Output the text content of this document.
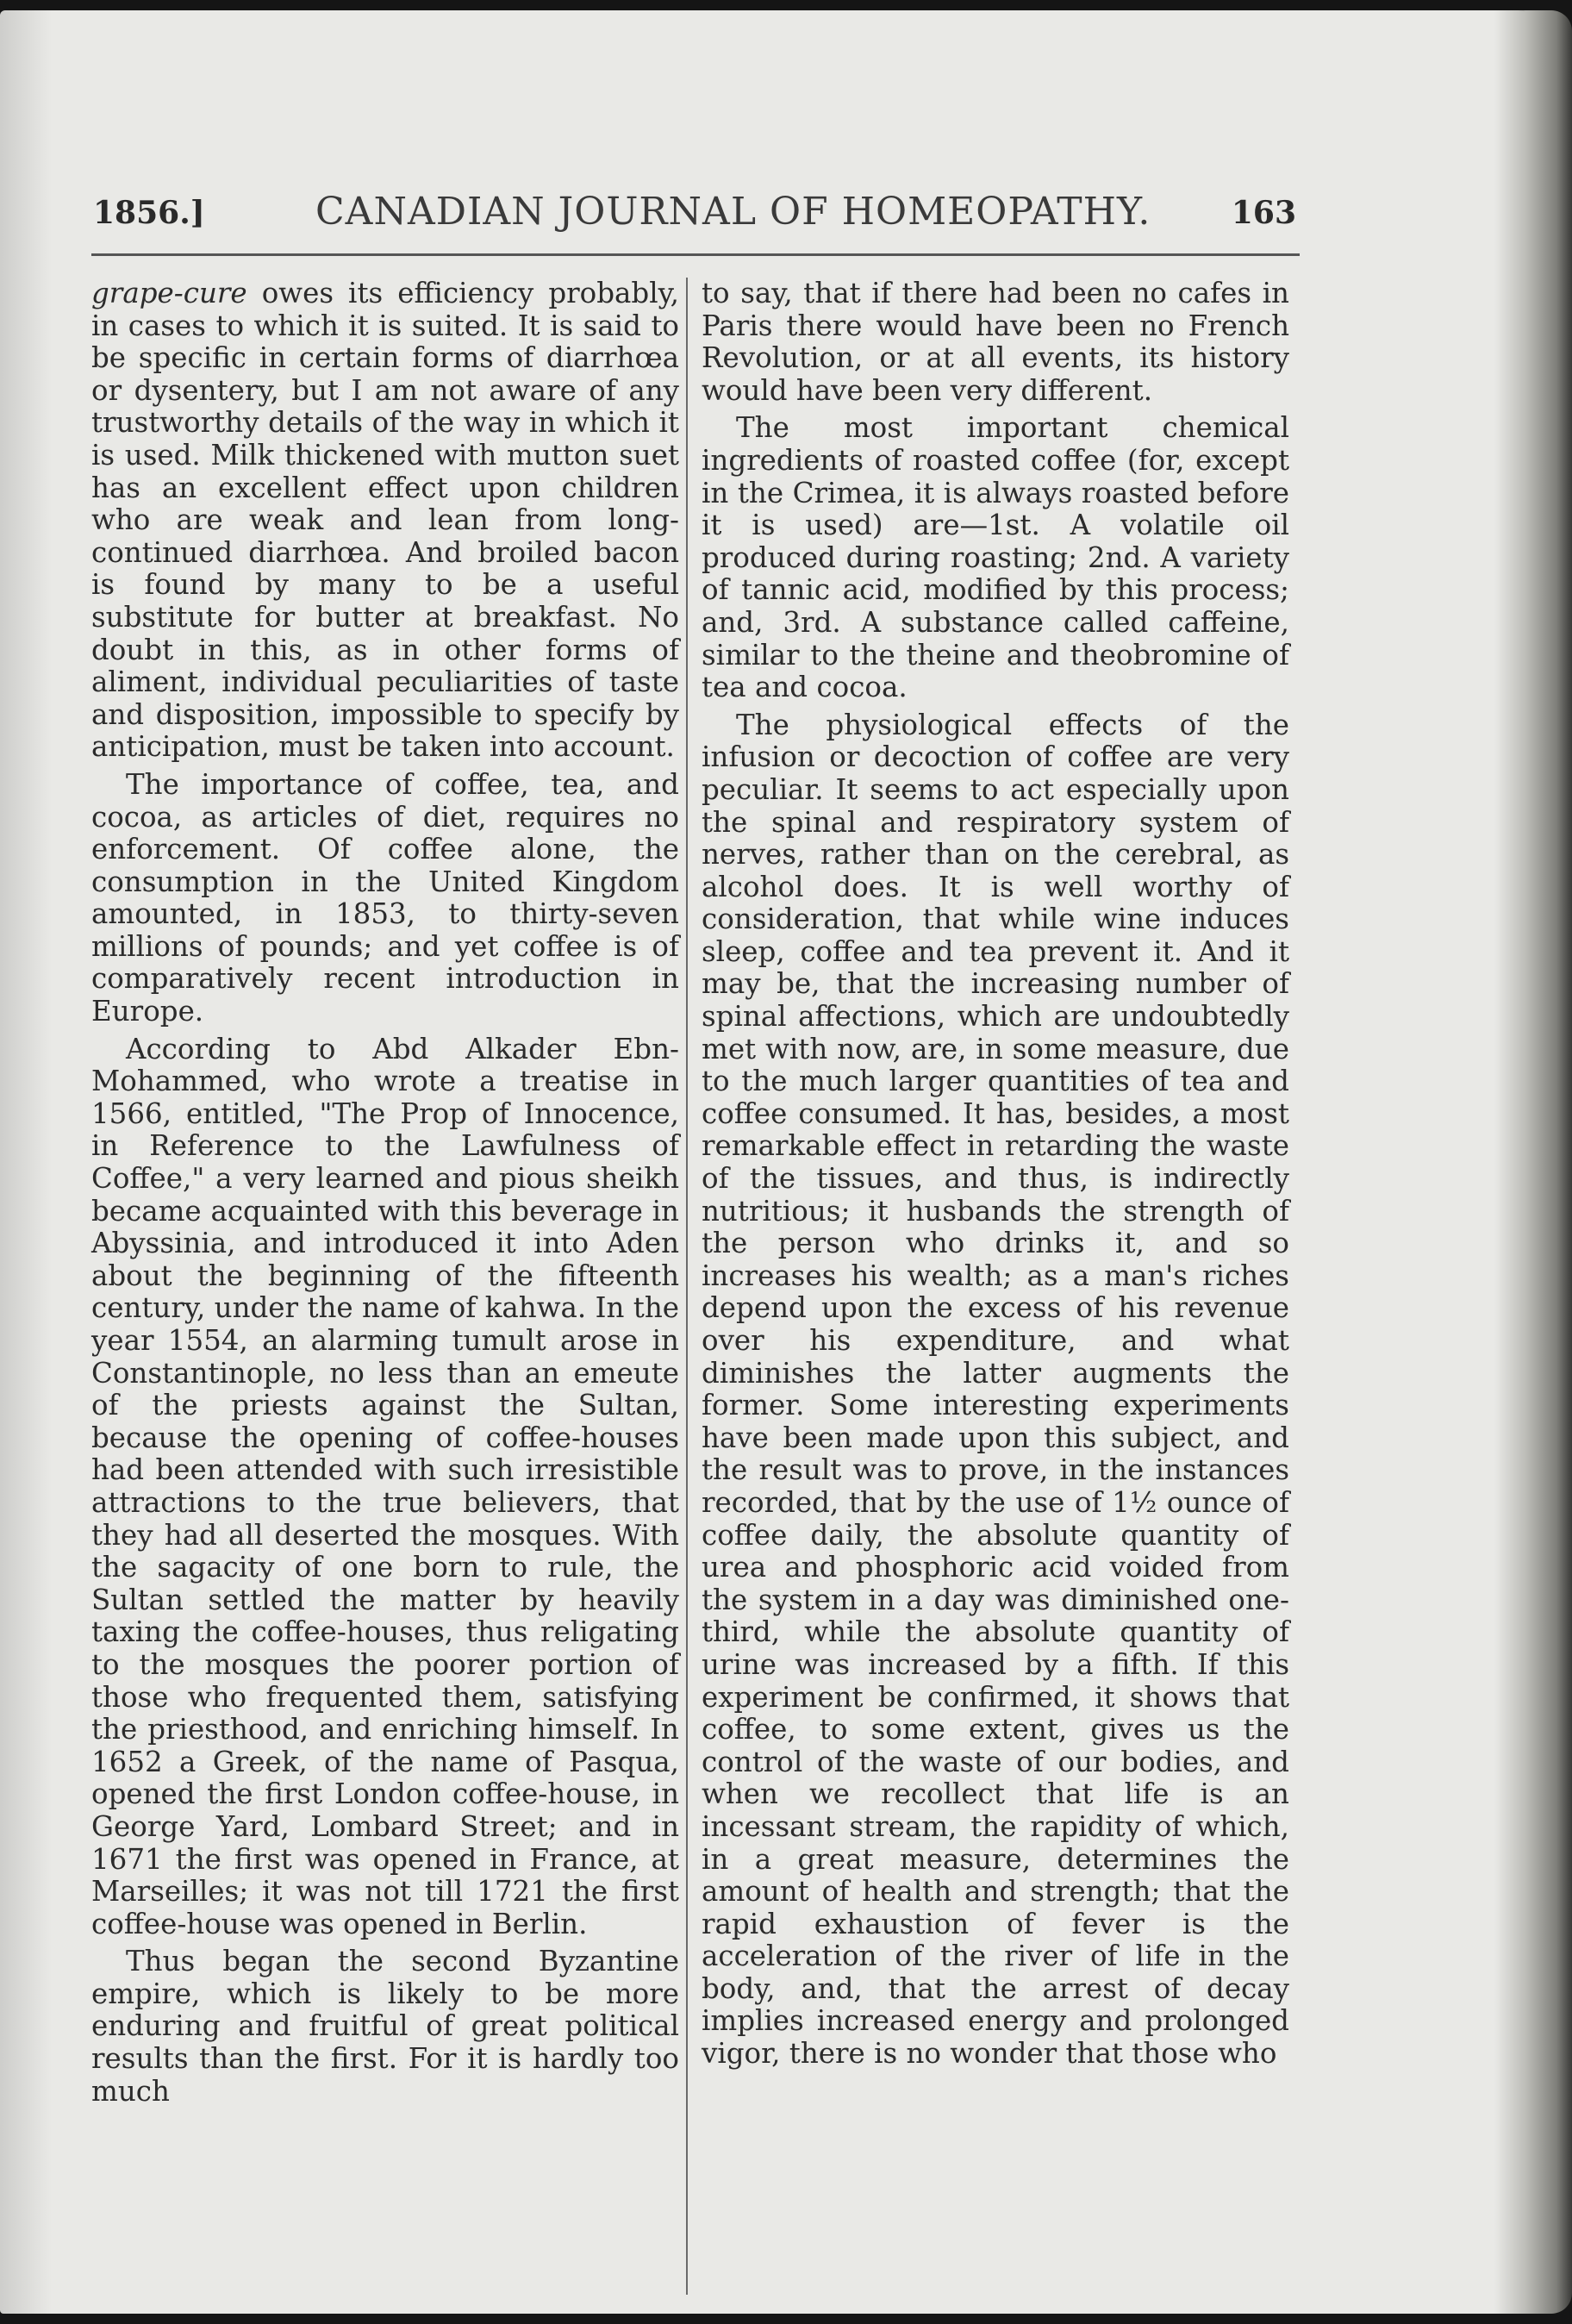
1856.]	CANADIAN JOURNAL OF HOMEOPATHY.	163

grape-cure owes its efficiency probably, in cases to which it is suited. It is said to be specific in certain forms of diarrhœa or dysentery, but I am not aware of any trustworthy details of the way in which it is used. Milk thickened with mutton suet has an excellent effect upon children who are weak and lean from long-continued diarrhœa. And broiled bacon is found by many to be a useful substitute for butter at breakfast. No doubt in this, as in other forms of aliment, individual peculiarities of taste and disposition, impossible to specify by anticipation, must be taken into account.

The importance of coffee, tea, and cocoa, as articles of diet, requires no enforcement. Of coffee alone, the consumption in the United Kingdom amounted, in 1853, to thirty-seven millions of pounds; and yet coffee is of comparatively recent introduction in Europe.

According to Abd Alkader Ebn-Mohammed, who wrote a treatise in 1566, entitled, "The Prop of Innocence, in Reference to the Lawfulness of Coffee," a very learned and pious sheikh became acquainted with this beverage in Abyssinia, and introduced it into Aden about the beginning of the fifteenth century, under the name of kahwa. In the year 1554, an alarming tumult arose in Constantinople, no less than an emeute of the priests against the Sultan, because the opening of coffee-houses had been attended with such irresistible attractions to the true believers, that they had all deserted the mosques. With the sagacity of one born to rule, the Sultan settled the matter by heavily taxing the coffee-houses, thus religating to the mosques the poorer portion of those who frequented them, satisfying the priesthood, and enriching himself. In 1652 a Greek, of the name of Pasqua, opened the first London coffee-house, in George Yard, Lombard Street; and in 1671 the first was opened in France, at Marseilles; it was not till 1721 the first coffee-house was opened in Berlin.

Thus began the second Byzantine empire, which is likely to be more enduring and fruitful of great political results than the first. For it is hardly too much

to say, that if there had been no cafes in Paris there would have been no French Revolution, or at all events, its history would have been very different.

The most important chemical ingredients of roasted coffee (for, except in the Crimea, it is always roasted before it is used) are—1st. A volatile oil produced during roasting; 2nd. A variety of tannic acid, modified by this process; and, 3rd. A substance called caffeine, similar to the theine and theobromine of tea and cocoa.

The physiological effects of the infusion or decoction of coffee are very peculiar. It seems to act especially upon the spinal and respiratory system of nerves, rather than on the cerebral, as alcohol does. It is well worthy of consideration, that while wine induces sleep, coffee and tea prevent it. And it may be, that the increasing number of spinal affections, which are undoubtedly met with now, are, in some measure, due to the much larger quantities of tea and coffee consumed. It has, besides, a most remarkable effect in retarding the waste of the tissues, and thus, is indirectly nutritious; it husbands the strength of the person who drinks it, and so increases his wealth; as a man's riches depend upon the excess of his revenue over his expenditure, and what diminishes the latter augments the former. Some interesting experiments have been made upon this subject, and the result was to prove, in the instances recorded, that by the use of 1½ ounce of coffee daily, the absolute quantity of urea and phosphoric acid voided from the system in a day was diminished one-third, while the absolute quantity of urine was increased by a fifth. If this experiment be confirmed, it shows that coffee, to some extent, gives us the control of the waste of our bodies, and when we recollect that life is an incessant stream, the rapidity of which, in a great measure, determines the amount of health and strength; that the rapid exhaustion of fever is the acceleration of the river of life in the body, and, that the arrest of decay implies increased energy and prolonged vigor, there is no wonder that those who
